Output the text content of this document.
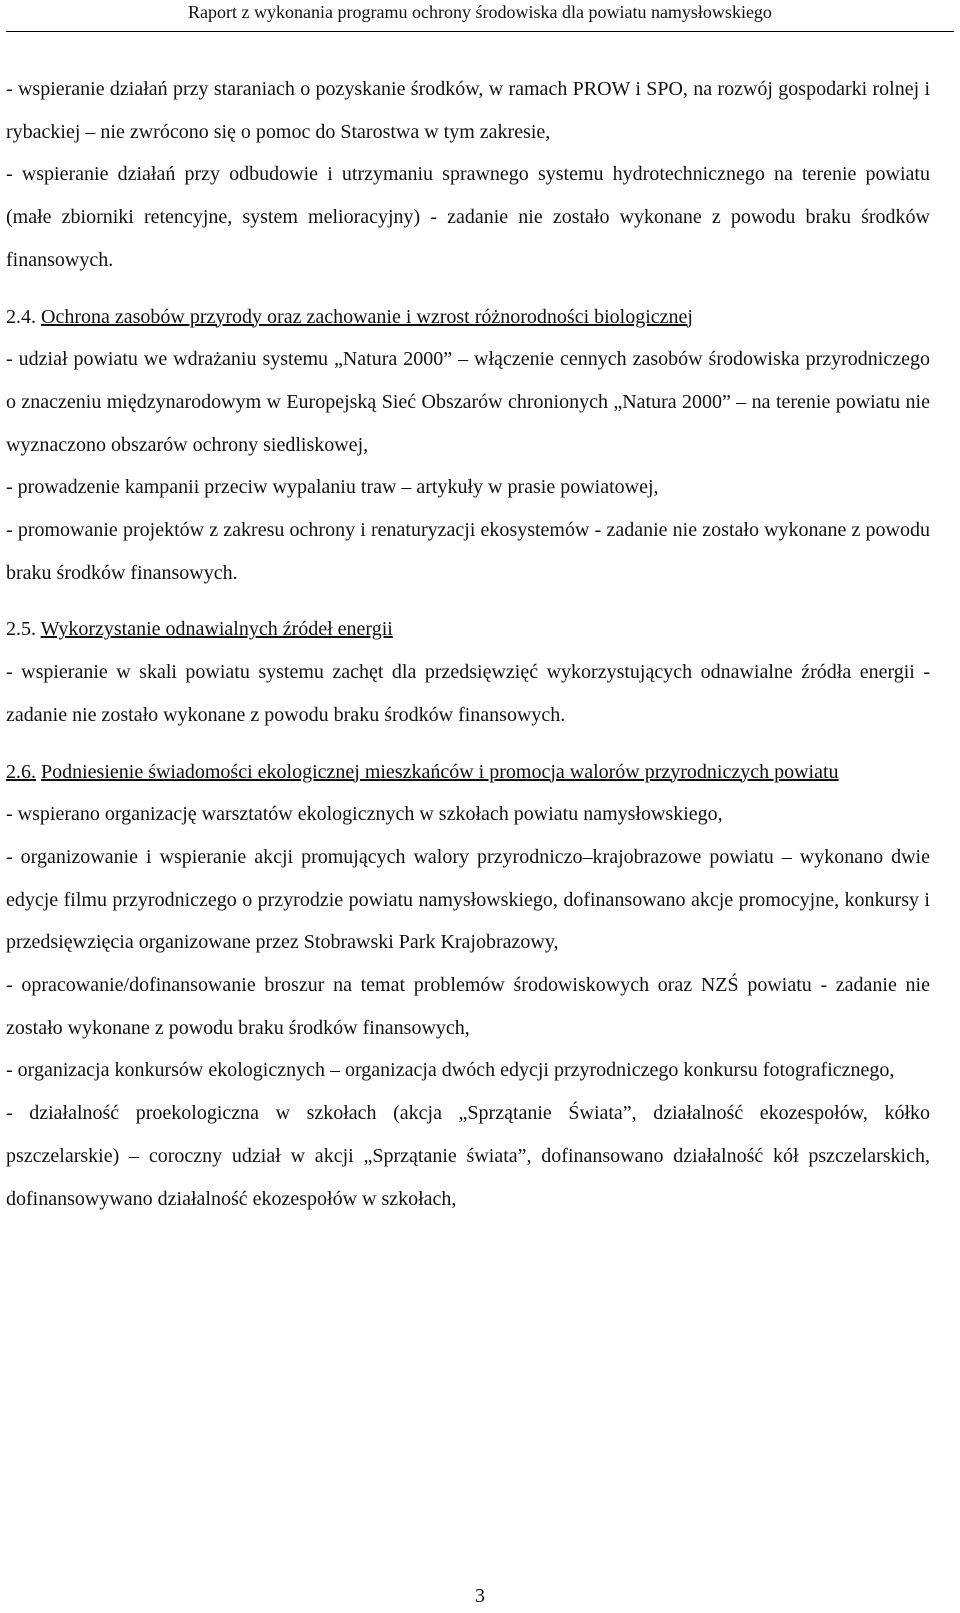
Raport z wykonania programu ochrony środowiska dla powiatu namysłowskiego

- wspieranie działań przy staraniach o pozyskanie środków, w ramach PROW i SPO, na rozwój gospodarki rolnej i rybackiej – nie zwrócono się o pomoc do Starostwa w tym zakresie,

- wspieranie działań przy odbudowie i utrzymaniu sprawnego systemu hydrotechnicznego na terenie powiatu (małe zbiorniki retencyjne, system melioracyjny) - zadanie nie zostało wykonane z powodu braku środków finansowych.

2.4. Ochrona zasobów przyrody oraz zachowanie i wzrost różnorodności biologicznej

- udział powiatu we wdrażaniu systemu „Natura 2000” – włączenie cennych zasobów środowiska przyrodniczego o znaczeniu międzynarodowym w Europejską Sieć Obszarów chronionych „Natura 2000” – na terenie powiatu nie wyznaczono obszarów ochrony siedliskowej,

- prowadzenie kampanii przeciw wypalaniu traw – artykuły w prasie powiatowej,

- promowanie projektów z zakresu ochrony i renaturyzacji ekosystemów - zadanie nie zostało wykonane z powodu braku środków finansowych.

2.5. Wykorzystanie odnawialnych źródeł energii

- wspieranie w skali powiatu systemu zachęt dla przedsięwzięć wykorzystujących odnawialne źródła energii - zadanie nie zostało wykonane z powodu braku środków finansowych.

2.6. Podniesienie świadomości ekologicznej mieszkańców i promocja walorów przyrodniczych powiatu

- wspierano organizację warsztatów ekologicznych w szkołach powiatu namysłowskiego,

- organizowanie i wspieranie akcji promujących walory przyrodniczo–krajobrazowe powiatu – wykonano dwie edycje filmu przyrodniczego o przyrodzie powiatu namysłowskiego, dofinansowano akcje promocyjne, konkursy i przedsięwzięcia organizowane przez Stobrawski Park Krajobrazowy,

- opracowanie/dofinansowanie broszur na temat problemów środowiskowych oraz NZŚ powiatu - zadanie nie zostało wykonane z powodu braku środków finansowych,

- organizacja konkursów ekologicznych – organizacja dwóch edycji przyrodniczego konkursu fotograficznego,

- działalność proekologiczna w szkołach (akcja „Sprzątanie Świata”, działalność ekozespołów, kółko pszczelarskie) – coroczny udział w akcji „Sprzątanie świata”, dofinansowano działalność kół pszczelarskich, dofinansowywano działalność ekozespołów w szkołach,

3
